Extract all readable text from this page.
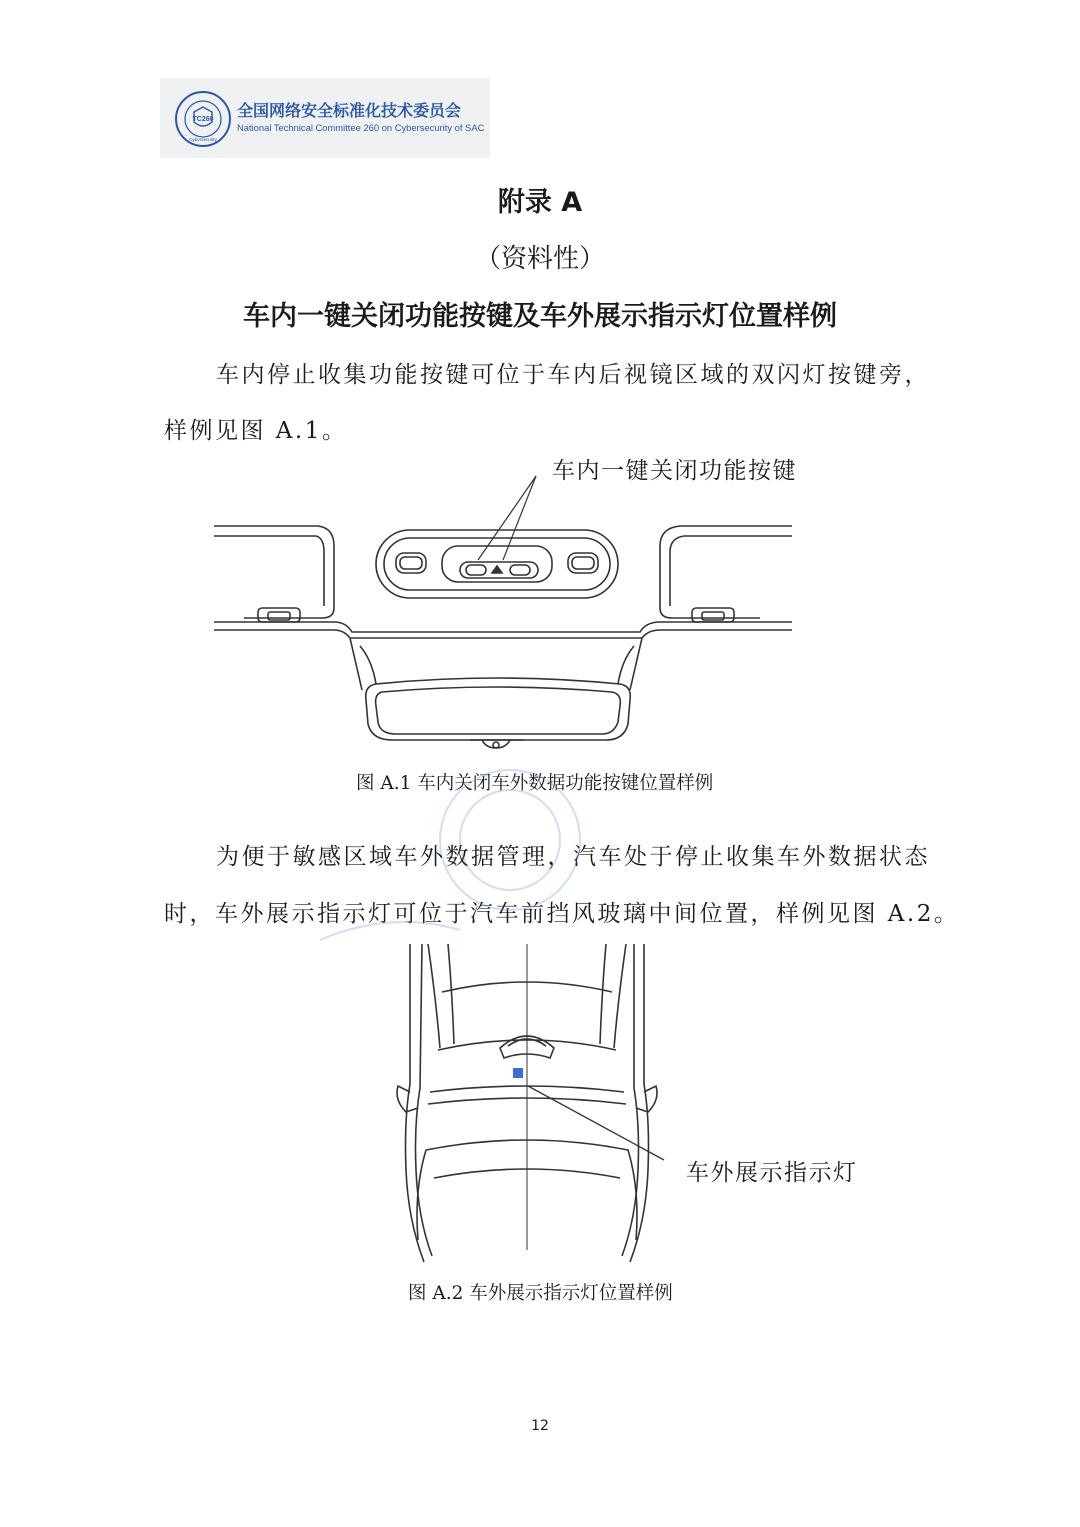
TC260
Cybersecurity
全国网络安全标准化技术委员会
National Technical Committee 260 on Cybersecurity of SAC
附录 A
（资料性）
车内一键关闭功能按键及车外展示指示灯位置样例
车内停止收集功能按键可位于车内后视镜区域的双闪灯按键旁，
样例见图 A.1。
车内一键关闭功能按键
图 A.1 车内关闭车外数据功能按键位置样例
为便于敏感区域车外数据管理，汽车处于停止收集车外数据状态
时，车外展示指示灯可位于汽车前挡风玻璃中间位置，样例见图 A.2。
车外展示指示灯
图 A.2 车外展示指示灯位置样例
12
